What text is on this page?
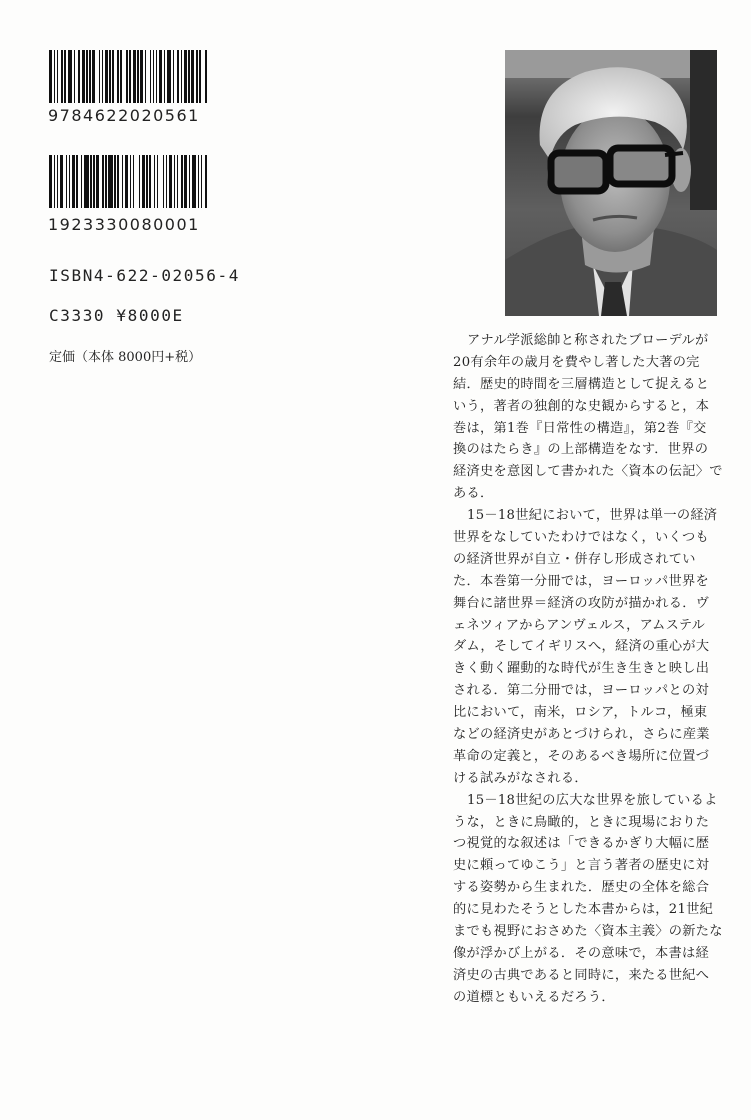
9784622020561
1923330080001
ISBN4-622-02056-4
C3330 ¥8000E
定価（本体 8000円+税）
アナル学派総帥と称されたブローデルが
20有余年の歳月を費やし著した大著の完
結．歴史的時間を三層構造として捉えると
いう，著者の独創的な史観からすると，本
巻は，第1巻『日常性の構造』，第2巻『交
換のはたらき』の上部構造をなす．世界の
経済史を意図して書かれた〈資本の伝記〉で
ある．
15－18世紀において，世界は単一の経済
世界をなしていたわけではなく，いくつも
の経済世界が自立・併存し形成されてい
た．本巻第一分冊では，ヨーロッパ世界を
舞台に諸世界＝経済の攻防が描かれる．ヴ
ェネツィアからアンヴェルス，アムステル
ダム，そしてイギリスへ，経済の重心が大
きく動く躍動的な時代が生き生きと映し出
される．第二分冊では，ヨーロッパとの対
比において，南米，ロシア，トルコ，極東
などの経済史があとづけられ，さらに産業
革命の定義と，そのあるべき場所に位置づ
ける試みがなされる．
15－18世紀の広大な世界を旅しているよ
うな，ときに鳥瞰的，ときに現場におりた
つ視覚的な叙述は「できるかぎり大幅に歴
史に頼ってゆこう」と言う著者の歴史に対
する姿勢から生まれた．歴史の全体を総合
的に見わたそうとした本書からは，21世紀
までも視野におさめた〈資本主義〉の新たな
像が浮かび上がる．その意味で，本書は経
済史の古典であると同時に，来たる世紀へ
の道標ともいえるだろう．
